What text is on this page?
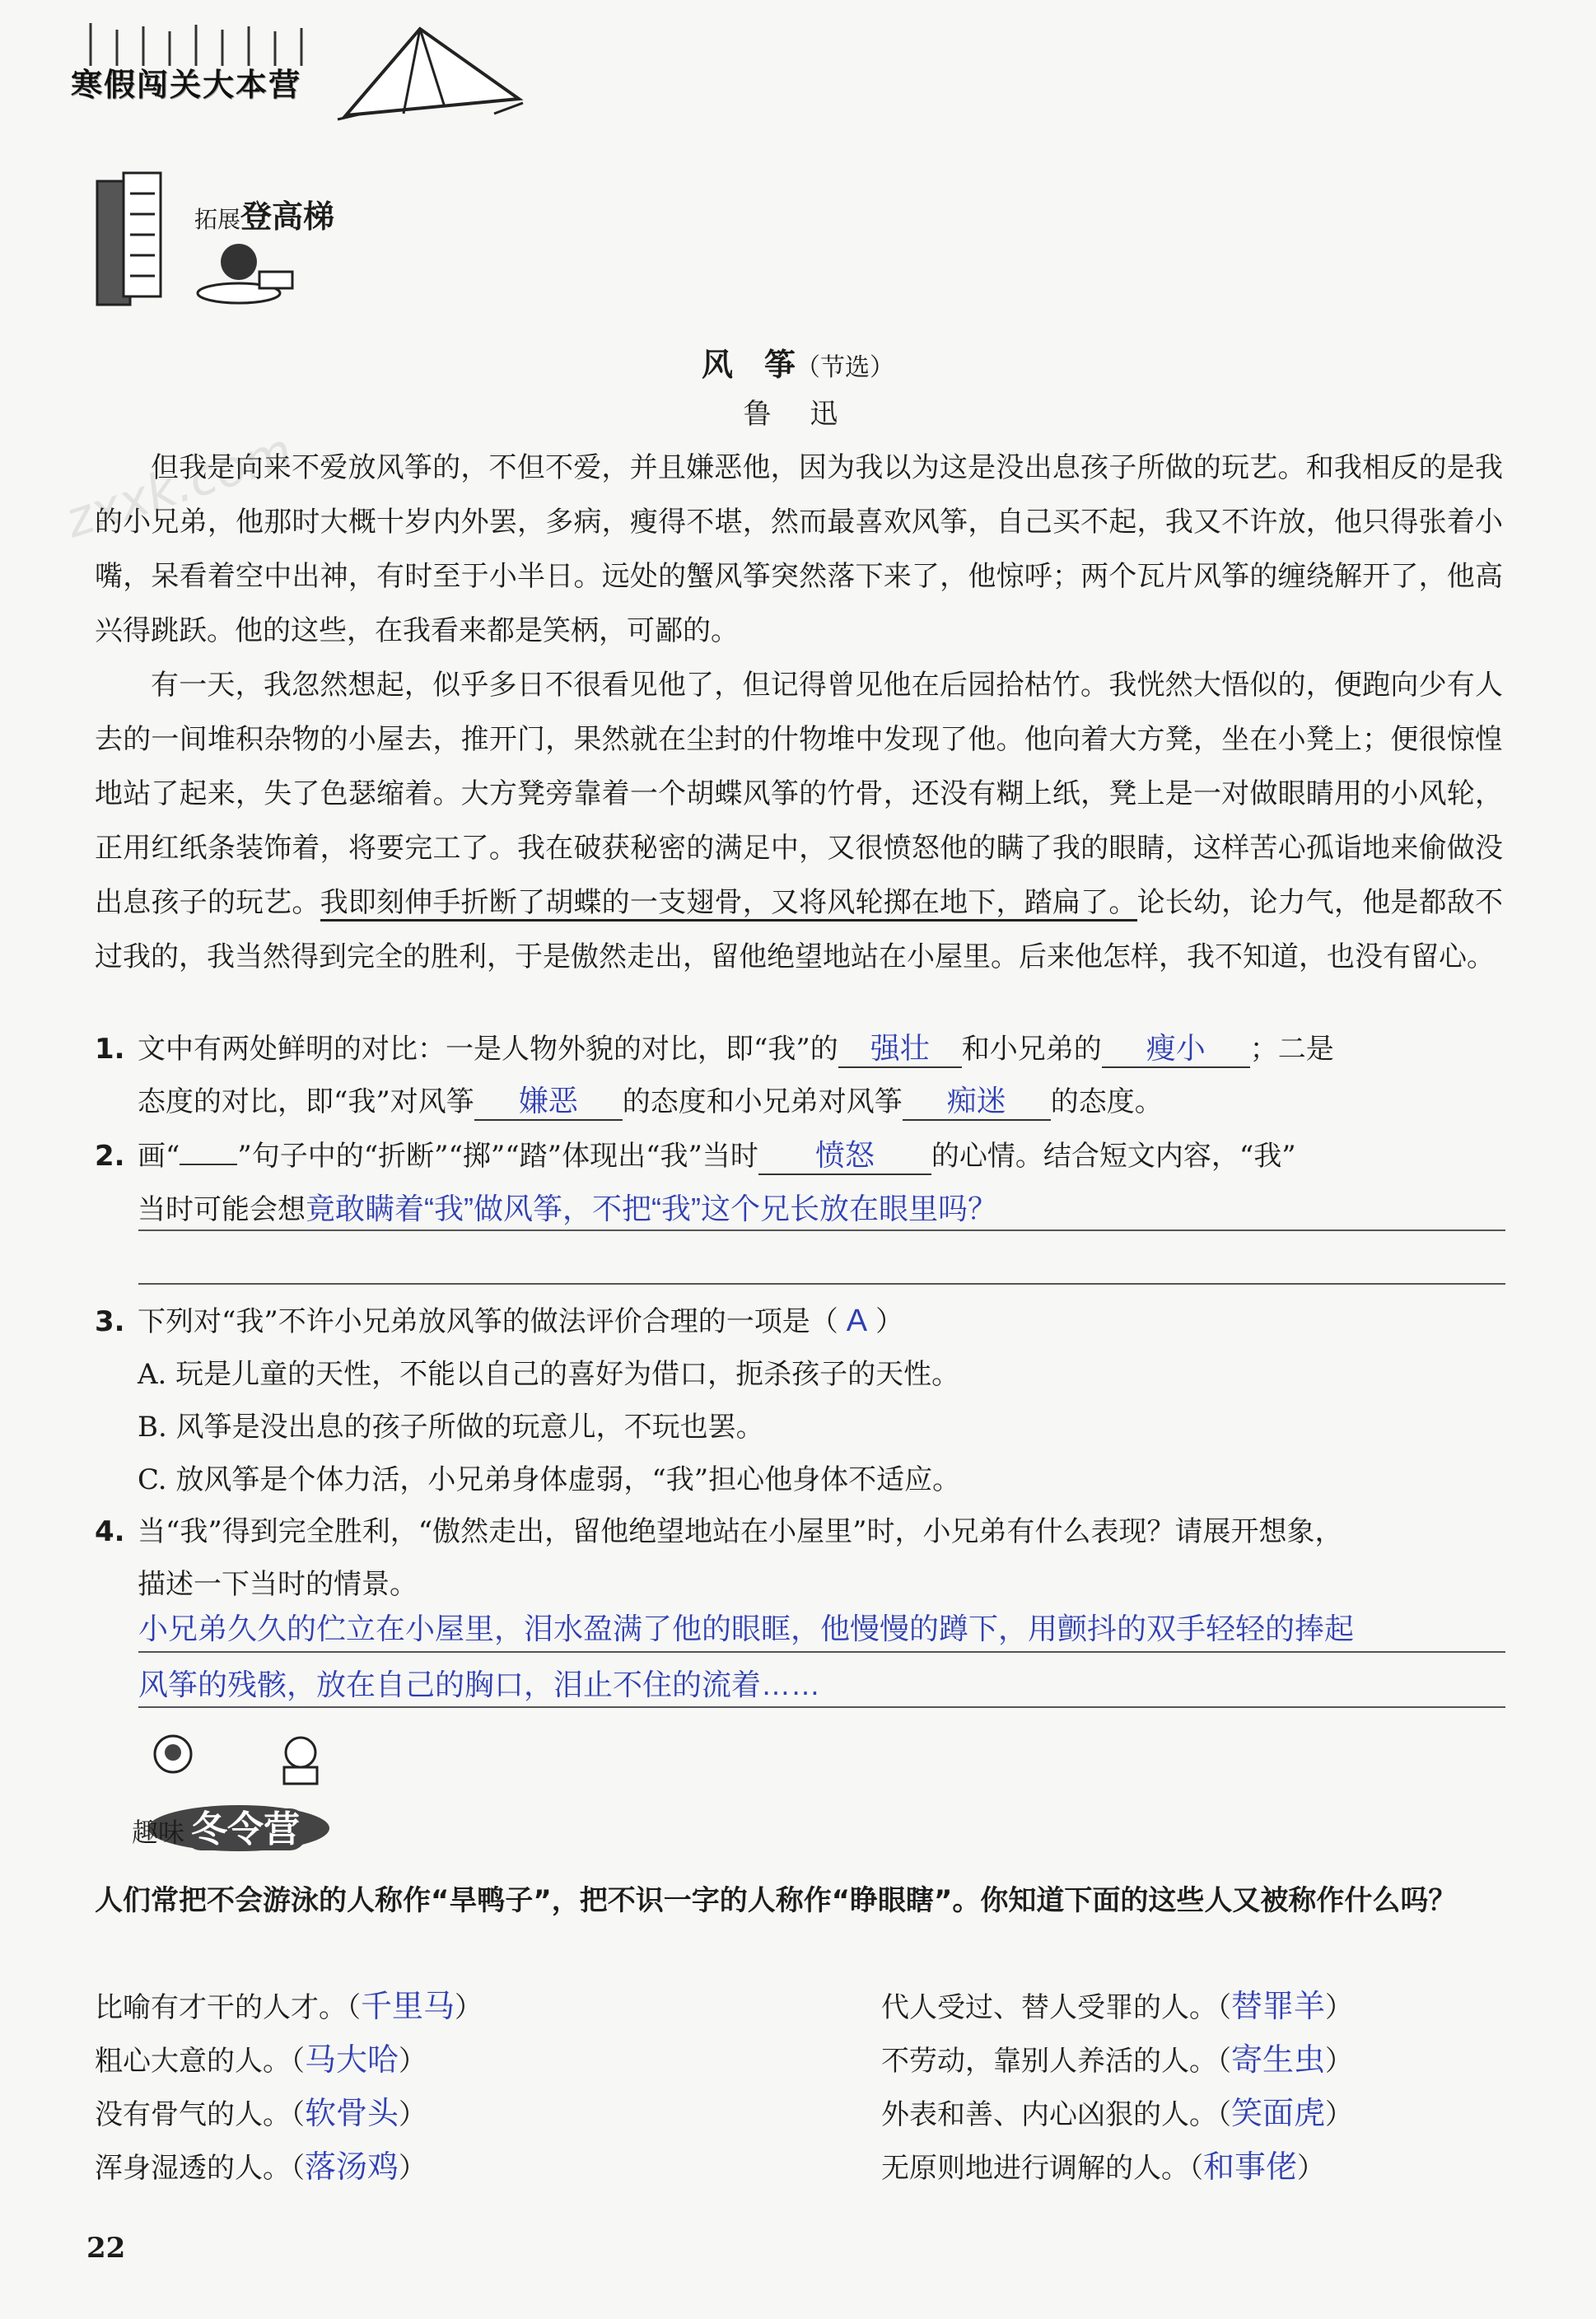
寒假闯关大本营
拓展登高梯
zxxk.com
风　筝（节选）
鲁 迅

但我是向来不爱放风筝的，不但不爱，并且嫌恶他，因为我以为这是没出息孩子所做的玩艺。和我相反的是我的小兄弟，他那时大概十岁内外罢，多病，瘦得不堪，然而最喜欢风筝，自己买不起，我又不许放，他只得张着小嘴，呆看着空中出神，有时至于小半日。远处的蟹风筝突然落下来了，他惊呼；两个瓦片风筝的缠绕解开了，他高兴得跳跃。他的这些，在我看来都是笑柄，可鄙的。

有一天，我忽然想起，似乎多日不很看见他了，但记得曾见他在后园拾枯竹。我恍然大悟似的，便跑向少有人去的一间堆积杂物的小屋去，推开门，果然就在尘封的什物堆中发现了他。他向着大方凳，坐在小凳上；便很惊惶地站了起来，失了色瑟缩着。大方凳旁靠着一个胡蝶风筝的竹骨，还没有糊上纸，凳上是一对做眼睛用的小风轮，正用红纸条装饰着，将要完工了。我在破获秘密的满足中，又很愤怒他的瞒了我的眼睛，这样苦心孤诣地来偷做没出息孩子的玩艺。我即刻伸手折断了胡蝶的一支翅骨，又将风轮掷在地下，踏扁了。论长幼，论力气，他是都敌不过我的，我当然得到完全的胜利，于是傲然走出，留他绝望地站在小屋里。后来他怎样，我不知道，也没有留心。

1. 文中有两处鲜明的对比：一是人物外貌的对比，即“我”的 强壮 和小兄弟的 瘦小 ；二是
态度的对比，即“我”对风筝 嫌恶 的态度和小兄弟对风筝 痴迷 的态度。
2. 画“ ”句子中的“折断”“掷”“踏”体现出“我”当时 愤怒 的心情。结合短文内容，“我”
当时可能会想竟敢瞒着“我”做风筝，不把“我”这个兄长放在眼里吗？
3. 下列对“我”不许小兄弟放风筝的做法评价合理的一项是（ A ）
A. 玩是儿童的天性，不能以自己的喜好为借口，扼杀孩子的天性。
B. 风筝是没出息的孩子所做的玩意儿，不玩也罢。
C. 放风筝是个体力活，小兄弟身体虚弱，“我”担心他身体不适应。
4. 当“我”得到完全胜利，“傲然走出，留他绝望地站在小屋里”时，小兄弟有什么表现？请展开想象，
描述一下当时的情景。
小兄弟久久的伫立在小屋里，泪水盈满了他的眼眶，他慢慢的蹲下，用颤抖的双手轻轻的捧起
风筝的残骸，放在自己的胸口，泪止不住的流着……
趣味 冬令营
人们常把不会游泳的人称作“旱鸭子”，把不识一字的人称作“睁眼瞎”。你知道下面的这些人又被称作什么吗？
比喻有才干的人才。（千里马）
粗心大意的人。（马大哈）
没有骨气的人。（软骨头）
浑身湿透的人。（落汤鸡）
代人受过、替人受罪的人。（替罪羊）
不劳动，靠别人养活的人。（寄生虫）
外表和善、内心凶狠的人。（笑面虎）
无原则地进行调解的人。（和事佬）
22
